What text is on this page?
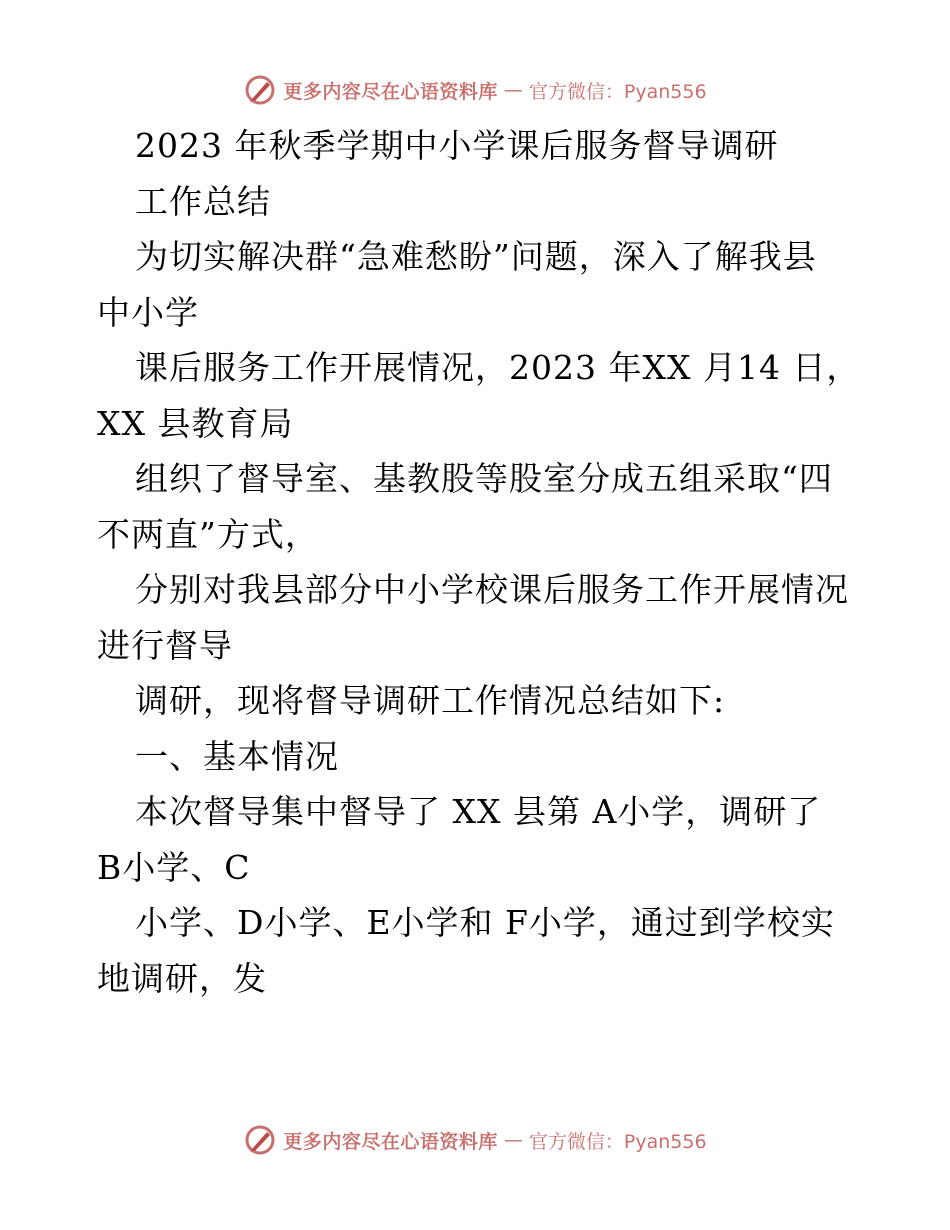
更多内容尽在心语资料库 — 官方微信：Pyan556
2023 年秋季学期中小学课后服务督导调研
工作总结
为切实解决群“急难愁盼”问题，深入了解我县
中小学
课后服务工作开展情况，2023 年XX 月14 日，
XX 县教育局
组织了督导室、基教股等股室分成五组采取“四
不两直”方式，
分别对我县部分中小学校课后服务工作开展情况
进行督导
调研，现将督导调研工作情况总结如下:
一、基本情况
本次督导集中督导了 XX 县第 A小学，调研了
B小学、C
小学、D小学、E小学和 F小学，通过到学校实
地调研，发
更多内容尽在心语资料库 — 官方微信：Pyan556
